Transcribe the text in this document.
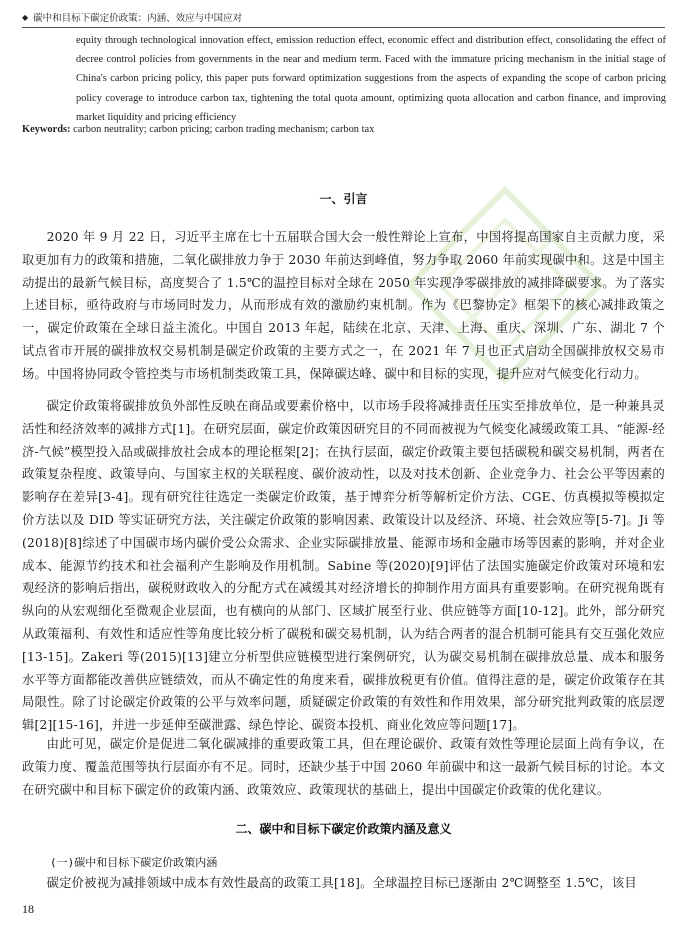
◆ 碳中和目标下碳定价政策：内涵、效应与中国应对
equity through technological innovation effect, emission reduction effect, economic effect and distribution effect, consolidating the effect of decree control policies from governments in the near and medium term. Faced with the immature pricing mechanism in the initial stage of China's carbon pricing policy, this paper puts forward optimization suggestions from the aspects of expanding the scope of carbon pricing policy coverage to introduce carbon tax, tightening the total quota amount, optimizing quota allocation and carbon finance, and improving market liquidity and pricing efficiency
Keywords: carbon neutrality; carbon pricing; carbon trading mechanism; carbon tax
一、引言
2020 年 9 月 22 日，习近平主席在七十五届联合国大会一般性辩论上宣布，中国将提高国家自主贡献力度，采取更加有力的政策和措施，二氧化碳排放力争于 2030 年前达到峰值，努力争取 2060 年前实现碳中和。这是中国主动提出的最新气候目标，高度契合了 1.5℃的温控目标对全球在 2050 年实现净零碳排放的减排降碳要求。为了落实上述目标，亟待政府与市场同时发力，从而形成有效的激励约束机制。作为《巴黎协定》框架下的核心减排政策之一，碳定价政策在全球日益主流化。中国自 2013 年起，陆续在北京、天津、上海、重庆、深圳、广东、湖北 7 个试点省市开展的碳排放权交易机制是碳定价政策的主要方式之一，在 2021 年 7 月也正式启动全国碳排放权交易市场。中国将协同政令管控类与市场机制类政策工具，保障碳达峰、碳中和目标的实现，提升应对气候变化行动力。
碳定价政策将碳排放负外部性反映在商品或要素价格中，以市场手段将减排责任压实至排放单位，是一种兼具灵活性和经济效率的减排方式[1]。在研究层面，碳定价政策因研究目的不同而被视为气候变化减缓政策工具、“能源-经济-气候”模型投入品或碳排放社会成本的理论框架[2]；在执行层面，碳定价政策主要包括碳税和碳交易机制，两者在政策复杂程度、政策导向、与国家主权的关联程度、碳价波动性，以及对技术创新、企业竞争力、社会公平等因素的影响存在差异[3-4]。现有研究往往选定一类碳定价政策，基于博弈分析等解析定价方法、CGE、仿真模拟等模拟定价方法以及 DID 等实证研究方法，关注碳定价政策的影响因素、政策设计以及经济、环境、社会效应等[5-7]。Ji 等(2018)[8]综述了中国碳市场内碳价受公众需求、企业实际碳排放量、能源市场和金融市场等因素的影响，并对企业成本、能源节约技术和社会福利产生影响及作用机制。Sabine 等(2020)[9]评估了法国实施碳定价政策对环境和宏观经济的影响后指出，碳税财政收入的分配方式在减缓其对经济增长的抑制作用方面具有重要影响。在研究视角既有纵向的从宏观细化至微观企业层面，也有横向的从部门、区域扩展至行业、供应链等方面[10-12]。此外，部分研究从政策福利、有效性和适应性等角度比较分析了碳税和碳交易机制，认为结合两者的混合机制可能具有交互强化效应[13-15]。Zakeri 等(2015)[13]建立分析型供应链模型进行案例研究，认为碳交易机制在碳排放总量、成本和服务水平等方面都能改善供应链绩效，而从不确定性的角度来看，碳排放税更有价值。值得注意的是，碳定价政策存在其局限性。除了讨论碳定价政策的公平与效率问题，质疑碳定价政策的有效性和作用效果，部分研究批判政策的底层逻辑[2][15-16]，并进一步延伸至碳泄露、绿色悖论、碳资本投机、商业化效应等问题[17]。
由此可见，碳定价是促进二氧化碳减排的重要政策工具，但在理论碳价、政策有效性等理论层面上尚有争议，在政策力度、覆盖范围等执行层面亦有不足。同时，还缺少基于中国 2060 年前碳中和这一最新气候目标的讨论。本文在研究碳中和目标下碳定价的政策内涵、政策效应、政策现状的基础上，提出中国碳定价政策的优化建议。
二、碳中和目标下碳定价政策内涵及意义
(一)碳中和目标下碳定价政策内涵
碳定价被视为减排领域中成本有效性最高的政策工具[18]。全球温控目标已逐渐由 2℃调整至 1.5℃，该目
18
